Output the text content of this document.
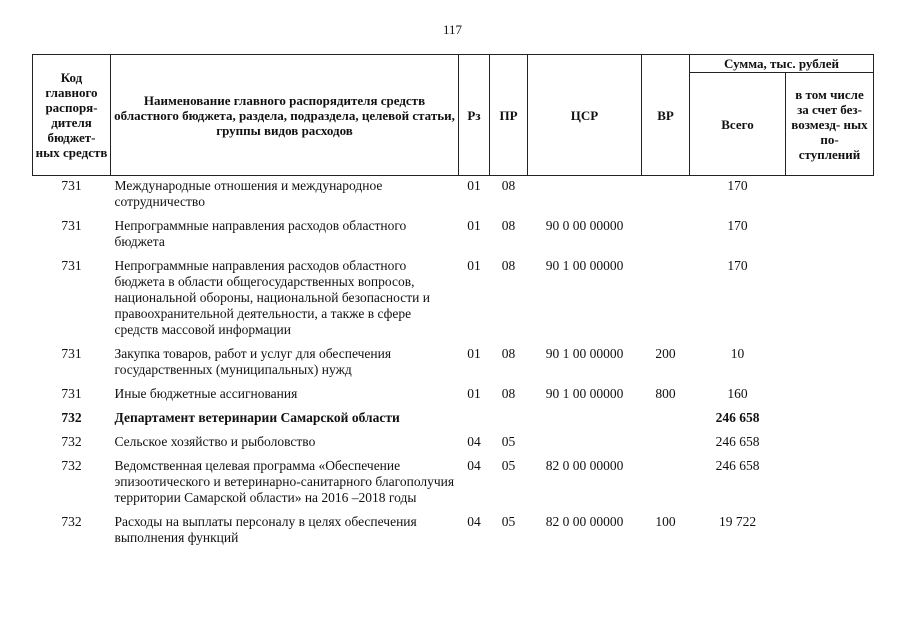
117
Код главного распоря- дителя бюджет- ных средств	Наименование главного распорядителя средств областного бюджета, раздела, подраздела, целевой статьи, группы видов расходов	Рз	ПР	ЦСР	ВР	Сумма, тыс. рублей	
						Всего	в том числе за счет без- возмезд- ных по- ступлений
731	Международные отношения и международное сотрудничество	01	08			170	
731	Непрограммные направления расходов областного бюджета	01	08	90 0 00 00000		170	
731	Непрограммные направления расходов областного бюджета в области общегосударственных вопросов, национальной обороны, национальной безопасности и правоохранительной деятельности, а также в сфере средств массовой информации	01	08	90 1 00 00000		170	
731	Закупка товаров, работ и услуг для обеспечения государственных (муниципальных) нужд	01	08	90 1 00 00000	200	10	
731	Иные бюджетные ассигнования	01	08	90 1 00 00000	800	160	
732	Департамент ветеринарии Самарской области					246 658	
732	Сельское хозяйство и рыболовство	04	05			246 658	
732	Ведомственная целевая программа «Обеспечение эпизоотического и ветеринарно-санитарного благополучия территории Самарской области» на 2016 –2018 годы	04	05	82 0 00 00000		246 658	
732	Расходы на выплаты персоналу в целях обеспечения выполнения функций	04	05	82 0 00 00000	100	19 722	
